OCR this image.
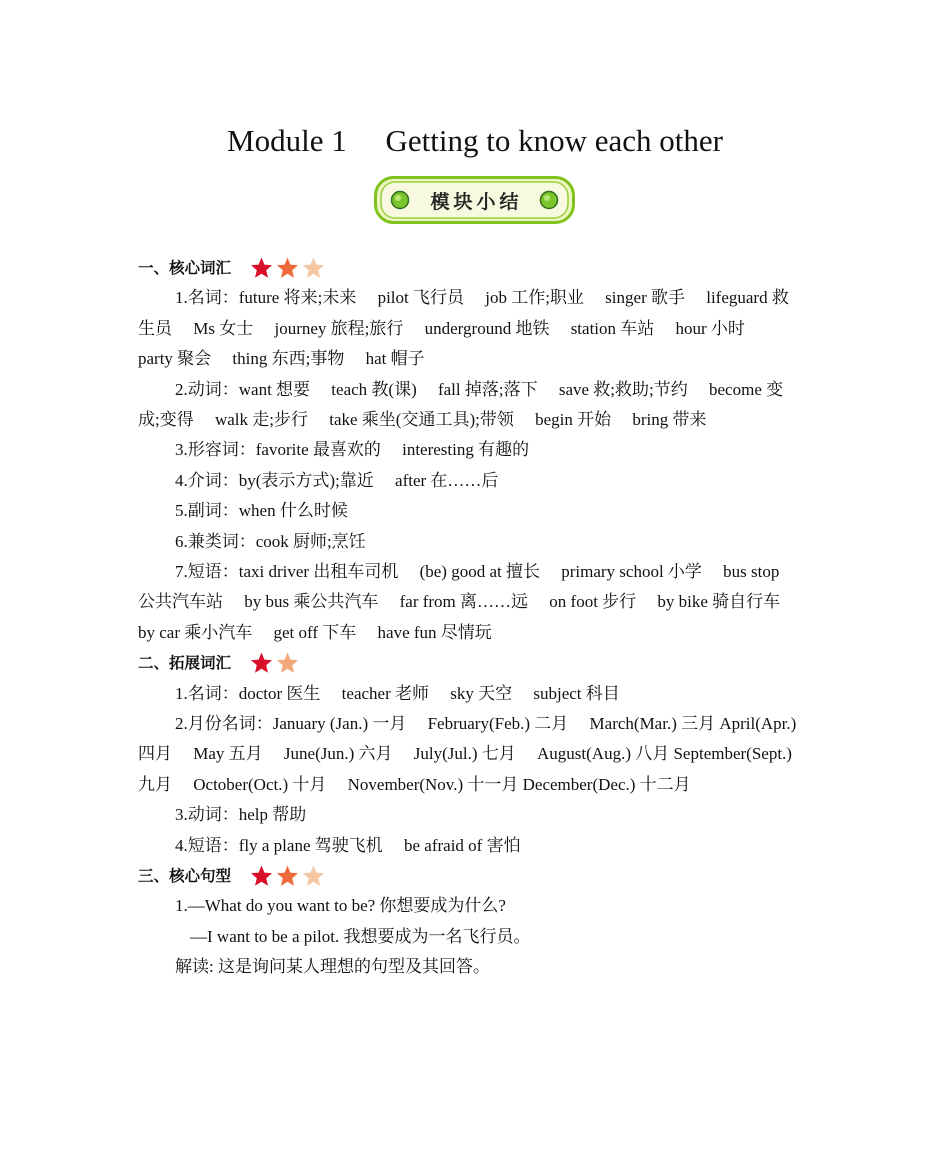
Module 1  Getting to know each other
模块小结
一、核心词汇
1.名词：future 将来;未来  pilot 飞行员  job 工作;职业  singer 歌手  lifeguard 救生员  Ms 女士  journey 旅程;旅行  underground 地铁  station 车站  hour 小时  party 聚会  thing 东西;事物  hat 帽子
2.动词：want 想要  teach 教(课)  fall 掉落;落下  save 救;救助;节约  become 变成;变得  walk 走;步行  take 乘坐(交通工具);带领  begin 开始  bring 带来
3.形容词：favorite 最喜欢的  interesting 有趣的
4.介词：by(表示方式);靠近  after 在……后
5.副词：when 什么时候
6.兼类词：cook 厨师;烹饪
7.短语：taxi driver 出租车司机  (be) good at 擅长  primary school 小学  bus stop 公共汽车站  by bus 乘公共汽车  far from 离……远  on foot 步行  by bike 骑自行车  by car 乘小汽车  get off 下车  have fun 尽情玩
二、拓展词汇
1.名词：doctor 医生  teacher 老师  sky 天空  subject 科目
2.月份名词：January (Jan.) 一月  February(Feb.) 二月  March(Mar.) 三月 April(Apr.) 四月  May 五月  June(Jun.) 六月  July(Jul.) 七月  August(Aug.) 八月 September(Sept.) 九月  October(Oct.) 十月  November(Nov.) 十一月 December(Dec.) 十二月
3.动词：help 帮助
4.短语：fly a plane 驾驶飞机  be afraid of 害怕
三、核心句型
1.—What do you want to be? 你想要成为什么?
—I want to be a pilot. 我想要成为一名飞行员。
解读: 这是询问某人理想的句型及其回答。
